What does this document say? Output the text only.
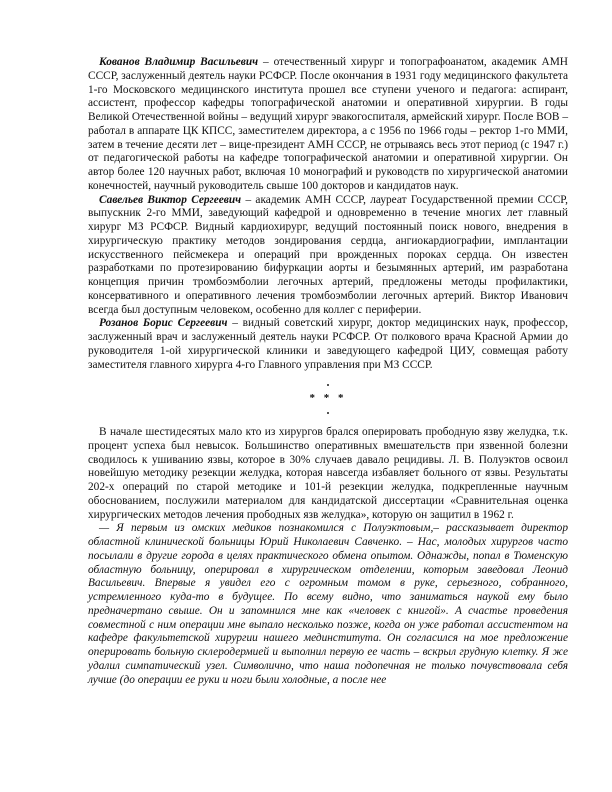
Кованов Владимир Васильевич – отечественный хирург и топографоанатом, академик АМН СССР, заслуженный деятель науки РСФСР. После окончания в 1931 году медицинского факультета 1-го Московского медицинского института прошел все ступени ученого и педагога: аспирант, ассистент, профессор кафедры топографической анатомии и оперативной хирургии. В годы Великой Отечественной войны – ведущий хирург эвакогоспиталя, армейский хирург. После ВОВ – работал в аппарате ЦК КПСС, заместителем директора, а с 1956 по 1966 годы – ректор 1-го ММИ, затем в течение десяти лет – вице-президент АМН СССР, не отрываясь весь этот период (с 1947 г.) от педагогической работы на кафедре топографической анатомии и оперативной хирургии. Он автор более 120 научных работ, включая 10 монографий и руководств по хирургической анатомии конечностей, научный руководитель свыше 100 докторов и кандидатов наук.

Савельев Виктор Сергеевич – академик АМН СССР, лауреат Государственной премии СССР, выпускник 2-го ММИ, заведующий кафедрой и одновременно в течение многих лет главный хирург МЗ РСФСР. Видный кардиохирург, ведущий постоянный поиск нового, внедрения в хирургическую практику методов зондирования сердца, ангиокардиографии, имплантации искусственного пейсмекера и операций при врожденных пороках сердца. Он известен разработками по протезированию бифуркации аорты и безымянных артерий, им разработана концепция причин тромбоэмболии легочных артерий, предложены методы профилактики, консервативного и оперативного лечения тромбоэмболии легочных артерий. Виктор Иванович всегда был доступным человеком, особенно для коллег с периферии.

Розанов Борис Сергеевич – видный советский хирург, доктор медицинских наук, профессор, заслуженный врач и заслуженный деятель науки РСФСР. От полкового врача Красной Армии до руководителя 1-ой хирургической клиники и заведующего кафедрой ЦИУ, совмещая работу заместителя главного хирурга 4-го Главного управления при МЗ СССР.

* * *

В начале шестидесятых мало кто из хирургов брался оперировать прободную язву желудка, т.к. процент успеха был невысок. Большинство оперативных вмешательств при язвенной болезни сводилось к ушиванию язвы, которое в 30% случаев давало рецидивы. Л. В. Полуэктов освоил новейшую методику резекции желудка, которая навсегда избавляет больного от язвы. Результаты 202-х операций по старой методике и 101-й резекции желудка, подкрепленные научным обоснованием, послужили материалом для кандидатской диссертации «Сравнительная оценка хирургических методов лечения прободных язв желудка», которую он защитил в 1962 г.

— Я первым из омских медиков познакомился с Полуэктовым,– рассказывает директор областной клинической больницы Юрий Николаевич Савченко. – Нас, молодых хирургов часто посылали в другие города в целях практического обмена опытом. Однажды, попал в Тюменскую областную больницу, оперировал в хирургическом отделении, которым заведовал Леонид Васильевич. Впервые я увидел его с огромным томом в руке, серьезного, собранного, устремленного куда-то в будущее. По всему видно, что заниматься наукой ему было предначертано свыше. Он и запомнился мне как «человек с книгой». А счастье проведения совместной с ним операции мне выпало несколько позже, когда он уже работал ассистентом на кафедре факультетской хирургии нашего мединститута. Он согласился на мое предложение оперировать больную склеродермией и выполнил первую ее часть – вскрыл грудную клетку. Я же удалил симпатический узел. Символично, что наша подопечная не только почувствовала себя лучше (до операции ее руки и ноги были холодные, а после нее
